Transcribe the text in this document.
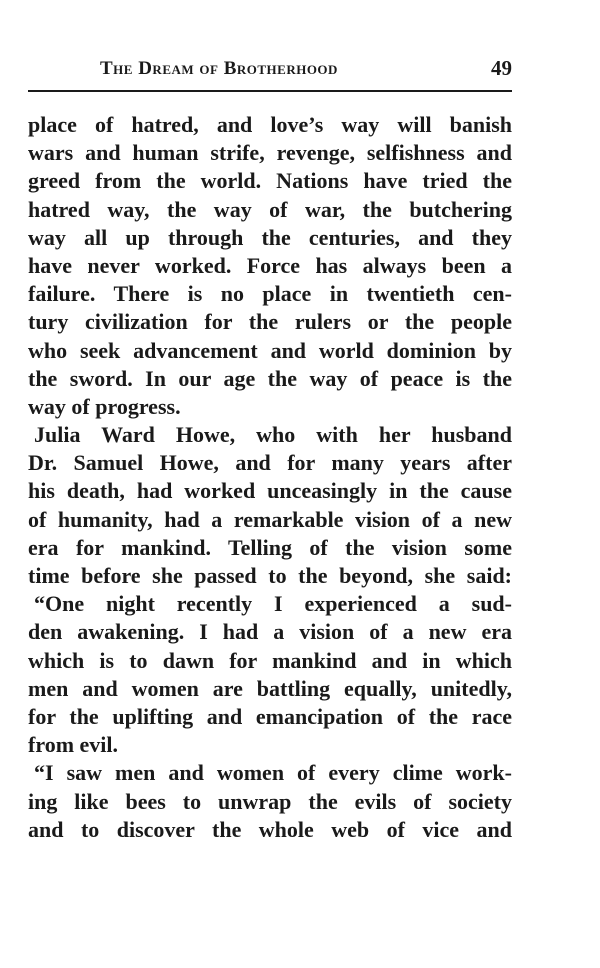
The Dream of Brotherhood	49
place of hatred, and love’s way will banish
wars and human strife, revenge, selfishness and
greed from the world. Nations have tried the
hatred way, the way of war, the butchering
way all up through the centuries, and they
have never worked. Force has always been a
failure. There is no place in twentieth cen-
tury civilization for the rulers or the people
who seek advancement and world dominion by
the sword. In our age the way of peace is the
way of progress.
Julia Ward Howe, who with her husband
Dr. Samuel Howe, and for many years after
his death, had worked unceasingly in the cause
of humanity, had a remarkable vision of a new
era for mankind. Telling of the vision some
time before she passed to the beyond, she said:
“One night recently I experienced a sud-
den awakening. I had a vision of a new era
which is to dawn for mankind and in which
men and women are battling equally, unitedly,
for the uplifting and emancipation of the race
from evil.
“I saw men and women of every clime work-
ing like bees to unwrap the evils of society
and to discover the whole web of vice and
